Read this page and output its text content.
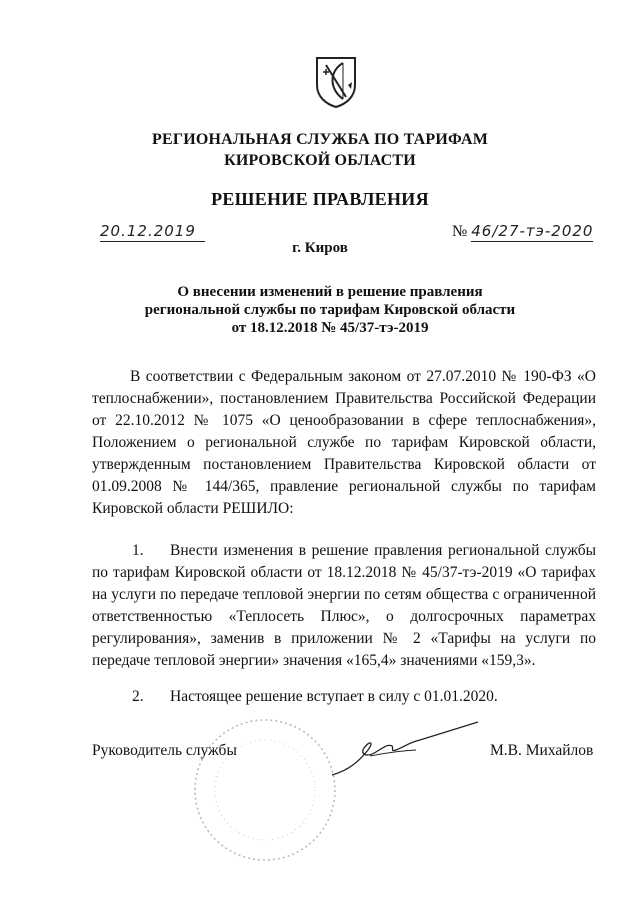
РЕГИОНАЛЬНАЯ СЛУЖБА ПО ТАРИФАМ
КИРОВСКОЙ ОБЛАСТИ
РЕШЕНИЕ ПРАВЛЕНИЯ
20.12.2019	№ 46/27-тэ-2020
г. Киров
О внесении изменений в решение правления
региональной службы по тарифам Кировской области
от 18.12.2018 № 45/37-тэ-2019
В соответствии с Федеральным законом от 27.07.2010 № 190-ФЗ «О теплоснабжении», постановлением Правительства Российской Федерации от 22.10.2012 № 1075 «О ценообразовании в сфере теплоснабжения», Положением о региональной службе по тарифам Кировской области, утвержденным постановлением Правительства Кировской области от 01.09.2008 № 144/365, правление региональной службы по тарифам Кировской области РЕШИЛО:
1. Внести изменения в решение правления региональной службы по тарифам Кировской области от 18.12.2018 № 45/37-тэ-2019 «О тарифах на услуги по передаче тепловой энергии по сетям общества с ограниченной ответственностью «Теплосеть Плюс», о долгосрочных параметрах регулирования», заменив в приложении № 2 «Тарифы на услуги по передаче тепловой энергии» значения «165,4» значениями «159,3».
2. Настоящее решение вступает в силу с 01.01.2020.
Руководитель службы	М.В. Михайлов
